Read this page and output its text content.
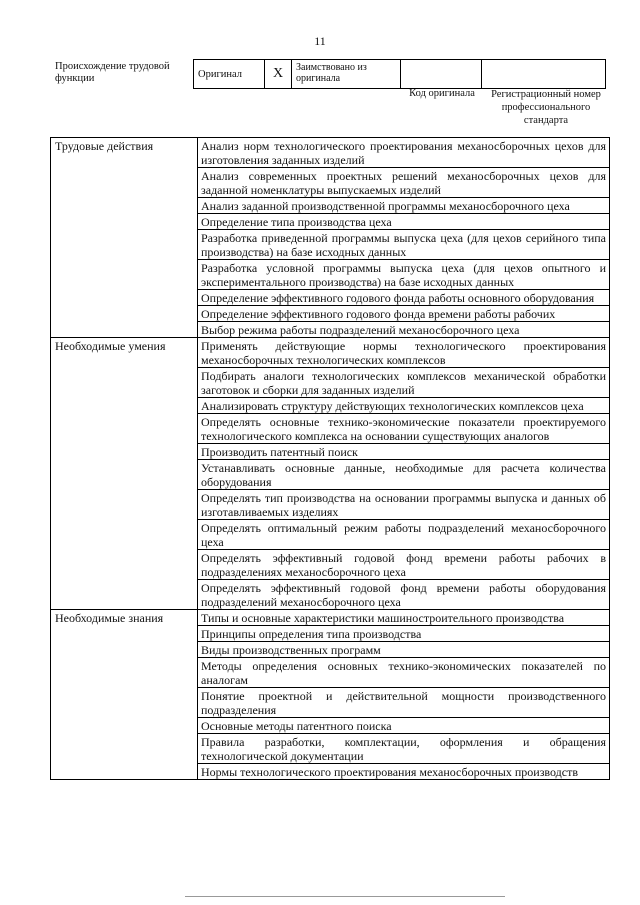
11
Происхождение трудовой функции	Оригинал	X	Заимствовано из оригинала		
Код оригинала	Регистрационный номер профессионального стандарта
Трудовые действия	Анализ норм технологического проектирования механосборочных цехов для изготовления заданных изделий
	Анализ современных проектных решений механосборочных цехов для заданной номенклатуры выпускаемых изделий
	Анализ заданной производственной программы механосборочного цеха
	Определение типа производства цеха
	Разработка приведенной программы выпуска цеха (для цехов серийного типа производства) на базе исходных данных
	Разработка условной программы выпуска цеха (для цехов опытного и экспериментального производства) на базе исходных данных
	Определение эффективного годового фонда работы основного оборудования
	Определение эффективного годового фонда времени работы рабочих
	Выбор режима работы подразделений механосборочного цеха
Необходимые умения	Применять действующие нормы технологического проектирования механосборочных технологических комплексов
	Подбирать аналоги технологических комплексов механической обработки заготовок и сборки для заданных изделий
	Анализировать структуру действующих технологических комплексов цеха
	Определять основные технико-экономические показатели проектируемого технологического комплекса на основании существующих аналогов
	Производить патентный поиск
	Устанавливать основные данные, необходимые для расчета количества оборудования
	Определять тип производства на основании программы выпуска и данных об изготавливаемых изделиях
	Определять оптимальный режим работы подразделений механосборочного цеха
	Определять эффективный годовой фонд времени работы рабочих в подразделениях механосборочного цеха
	Определять эффективный годовой фонд времени работы оборудования подразделений механосборочного цеха
Необходимые знания	Типы и основные характеристики машиностроительного производства
	Принципы определения типа производства
	Виды производственных программ
	Методы определения основных технико-экономических показателей по аналогам
	Понятие проектной и действительной мощности производственного подразделения
	Основные методы патентного поиска
	Правила разработки, комплектации, оформления и обращения технологической документации
	Нормы технологического проектирования механосборочных производств
